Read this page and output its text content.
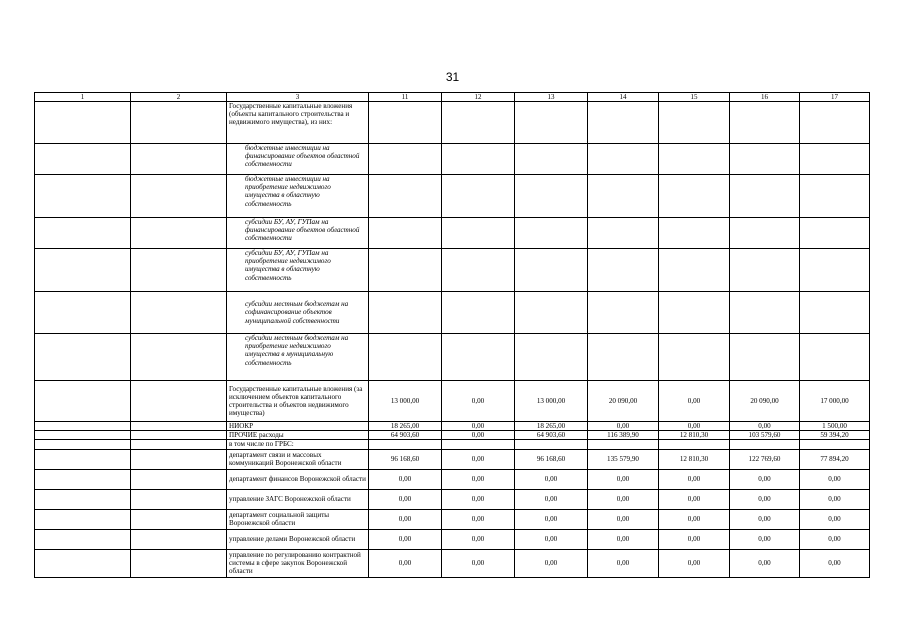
31
1	2	3	11	12	13	14	15	16	17
		Государственные капитальные вложения (объекты капитального строительства и недвижимого имущества), из них:							
		бюджетные инвестиции на финансирование объектов областной собственности							
		бюджетные инвестиции на приобретение недвижимого имущества в областную собственность							
		субсидии БУ, АУ, ГУПам на финансирование объектов областной собственности							
		субсидии БУ, АУ, ГУПам на приобретение недвижимого имущества в областную собственность							
		субсидии местным бюджетам на софинансирование объектов муниципальной собственности							
		субсидии местным бюджетам на приобретение недвижимого имущества в муниципальную собственность							
		Государственные капитальные вложения (за исключением объектов капитального строительства и объектов недвижимого имущества)	13 000,00	0,00	13 000,00	20 090,00	0,00	20 090,00	17 000,00
		НИОКР	18 265,00	0,00	18 265,00	0,00	0,00	0,00	1 500,00
		ПРОЧИЕ расходы	64 903,60	0,00	64 903,60	116 389,90	12 810,30	103 579,60	59 394,20
		в том числе по ГРБС:							
		департамент связи и массовых коммуникаций Воронежской области	96 168,60	0,00	96 168,60	135 579,90	12 810,30	122 769,60	77 894,20
		департамент финансов Воронежской области	0,00	0,00	0,00	0,00	0,00	0,00	0,00
		управление ЗАГС Воронежской области	0,00	0,00	0,00	0,00	0,00	0,00	0,00
		департамент социальной защиты Воронежской области	0,00	0,00	0,00	0,00	0,00	0,00	0,00
		управление делами Воронежской области	0,00	0,00	0,00	0,00	0,00	0,00	0,00
		управление по регулированию контрактной системы в сфере закупок Воронежской области	0,00	0,00	0,00	0,00	0,00	0,00	0,00
